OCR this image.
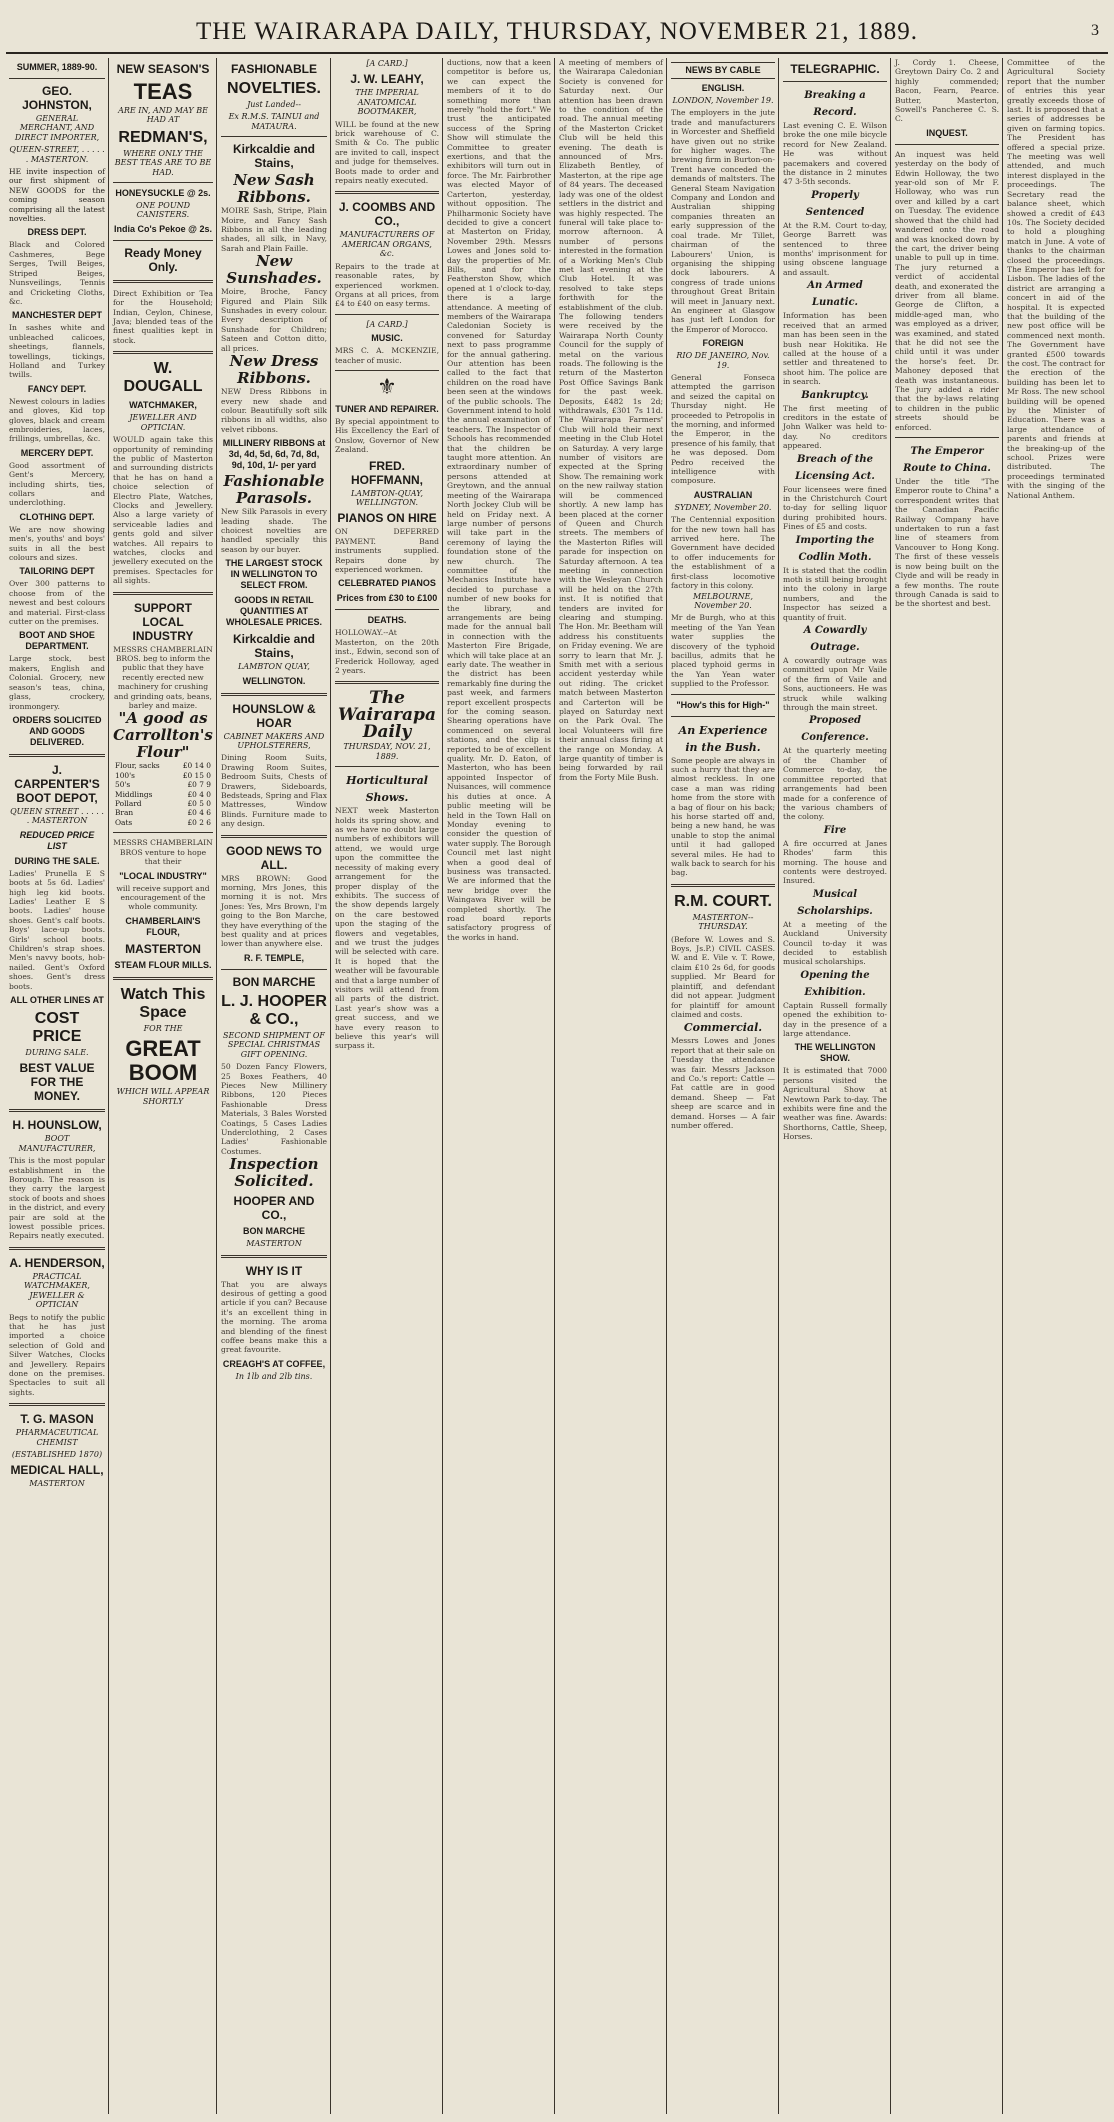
THE WAIRARAPA DAILY, THURSDAY, NOVEMBER 21, 1889.	3
SUMMER, 1889-90.
GEO. JOHNSTON,
GENERAL MERCHANT, AND DIRECT IMPORTER,
QUEEN-STREET, . . . . . . MASTERTON.
HE invite inspection of our first shipment of NEW GOODS for the coming season comprising all the latest novelties.
DRESS DEPT.
Black and Colored Cashmeres, Bege Serges, Twill Beiges, Striped Beiges, Nunsveilings, Tennis and Cricketing Cloths, &c.
MANCHESTER DEPT
In sashes white and unbleached calicoes, sheetings, flannels, towellings, tickings, Holland and Turkey twills.
FANCY DEPT.
Newest colours in ladies and gloves, Kid top gloves, black and cream embroideries, laces, frillings, umbrellas, &c.
MERCERY DEPT.
Good assortment of Gent's Mercery, including shirts, ties, collars and underclothing.
CLOTHING DEPT.
We are now showing men's, youths' and boys' suits in all the best colours and sizes.
TAILORING DEPT
Over 300 patterns to choose from of the newest and best colours and material. First-class cutter on the premises.
BOOT AND SHOE DEPARTMENT.
Large stock, best makers, English and Colonial. Grocery, new season's teas, china, glass, crockery, ironmongery.
ORDERS SOLICITED AND GOODS DELIVERED.
J. CARPENTER'S BOOT DEPOT,
QUEEN STREET . . . . . . MASTERTON
REDUCED PRICE LIST
DURING THE SALE.
Ladies' Prunella E S boots at 5s 6d. Ladies' high leg kid boots. Ladies' Leather E S boots. Ladies' house shoes. Gent's calf boots. Boys' lace-up boots. Girls' school boots. Children's strap shoes. Men's navvy boots, hob-nailed. Gent's Oxford shoes. Gent's dress boots.
ALL OTHER LINES AT
COST PRICE
DURING SALE.
BEST VALUE FOR THE MONEY.
H. HOUNSLOW,
BOOT MANUFACTURER,
This is the most popular establishment in the Borough. The reason is they carry the largest stock of boots and shoes in the district, and every pair are sold at the lowest possible prices. Repairs neatly executed.
A. HENDERSON,
PRACTICAL WATCHMAKER, JEWELLER & OPTICIAN
Begs to notify the public that he has just imported a choice selection of Gold and Silver Watches, Clocks and Jewellery. Repairs done on the premises. Spectacles to suit all sights.
T. G. MASON
PHARMACEUTICAL CHEMIST
(ESTABLISHED 1870)
MEDICAL HALL,
MASTERTON
NEW SEASON'S
TEAS
ARE IN, AND MAY BE HAD AT
REDMAN'S,
WHERE ONLY THE BEST TEAS ARE TO BE HAD.
HONEYSUCKLE @ 2s.
ONE POUND CANISTERS.
India Co's Pekoe @ 2s.
Ready Money Only.
Direct Exhibition or Tea for the Household; Indian, Ceylon, Chinese, Java; blended teas of the finest qualities kept in stock.
W. DOUGALL
WATCHMAKER,
JEWELLER AND OPTICIAN.
WOULD again take this opportunity of reminding the public of Masterton and surrounding districts that he has on hand a choice selection of Electro Plate, Watches, Clocks and Jewellery. Also a large variety of serviceable ladies and gents gold and silver watches. All repairs to watches, clocks and jewellery executed on the premises. Spectacles for all sights.
SUPPORT LOCAL INDUSTRY
MESSRS CHAMBERLAIN BROS. beg to inform the public that they have recently erected new machinery for crushing and grinding oats, beans, barley and maize.
"A good as Carrollton's Flour"
Flour, sacks	£0 14 0
100's	£0 15 0
50's	£0 7 9
Middlings	£0 4 0
Pollard	£0 5 0
Bran	£0 4 6
Oats	£0 2 6
MESSRS CHAMBERLAIN BROS venture to hope that their
"LOCAL INDUSTRY"
will receive support and encouragement of the whole community.
CHAMBERLAIN'S FLOUR,
MASTERTON
STEAM FLOUR MILLS.
Watch This Space
FOR THE
GREAT BOOM
WHICH WILL APPEAR SHORTLY
FASHIONABLE
NOVELTIES.
Just Landed--
Ex R.M.S. TAINUI and MATAURA.
Kirkcaldie and Stains,
New Sash Ribbons.
MOIRE Sash, Stripe, Plain Moire, and Fancy Sash Ribbons in all the leading shades, all silk, in Navy, Sarah and Plain Faille.
New Sunshades.
Moire, Broche, Fancy Figured and Plain Silk Sunshades in every colour. Every description of Sunshade for Children; Sateen and Cotton ditto, all prices.
New Dress Ribbons.
NEW Dress Ribbons in every new shade and colour. Beautifully soft silk ribbons in all widths, also velvet ribbons.
MILLINERY RIBBONS at 3d, 4d, 5d, 6d, 7d, 8d, 9d, 10d, 1/- per yard
Fashionable Parasols.
New Silk Parasols in every leading shade. The choicest novelties are handled specially this season by our buyer.
THE LARGEST STOCK IN WELLINGTON TO SELECT FROM.
GOODS IN RETAIL QUANTITIES AT WHOLESALE PRICES.
Kirkcaldie and Stains,
LAMBTON QUAY,
WELLINGTON.
HOUNSLOW & HOAR
CABINET MAKERS AND UPHOLSTERERS,
Dining Room Suits, Drawing Room Suites, Bedroom Suits, Chests of Drawers, Sideboards, Bedsteads, Spring and Flax Mattresses, Window Blinds. Furniture made to any design.
GOOD NEWS TO ALL.
MRS BROWN: Good morning, Mrs Jones, this morning it is not. Mrs Jones: Yes, Mrs Brown, I'm going to the Bon Marche, they have everything of the best quality and at prices lower than anywhere else.
R. F. TEMPLE,
BON MARCHE
L. J. HOOPER & CO.,
SECOND SHIPMENT OF SPECIAL CHRISTMAS GIFT OPENING.
50 Dozen Fancy Flowers, 25 Boxes Feathers, 40 Pieces New Millinery Ribbons, 120 Pieces Fashionable Dress Materials, 3 Bales Worsted Coatings, 5 Cases Ladies Underclothing, 2 Cases Ladies' Fashionable Costumes.
Inspection Solicited.
HOOPER AND CO.,
BON MARCHE
MASTERTON
WHY IS IT
That you are always desirous of getting a good article if you can? Because it's an excellent thing in the morning. The aroma and blending of the finest coffee beans make this a great favourite.
CREAGH'S AT COFFEE,
In 1lb and 2lb tins.
[A CARD.]
J. W. LEAHY,
THE IMPERIAL ANATOMICAL BOOTMAKER,
WILL be found at the new brick warehouse of C. Smith & Co. The public are invited to call, inspect and judge for themselves. Boots made to order and repairs neatly executed.
J. COOMBS AND CO.,
MANUFACTURERS OF AMERICAN ORGANS, &c.
Repairs to the trade at reasonable rates, by experienced workmen. Organs at all prices, from £4 to £40 on easy terms.
[A CARD.]
MUSIC.
MRS C. A. MCKENZIE, teacher of music.
⚜
TUNER AND REPAIRER.
By special appointment to His Excellency the Earl of Onslow, Governor of New Zealand.
FRED. HOFFMANN,
LAMBTON-QUAY, WELLINGTON.
PIANOS ON HIRE
ON DEFERRED PAYMENT. Band instruments supplied. Repairs done by experienced workmen.
CELEBRATED PIANOS
Prices from £30 to £100
DEATHS.
HOLLOWAY.--At Masterton, on the 20th inst., Edwin, second son of Frederick Holloway, aged 2 years.
The Wairarapa Daily
THURSDAY, NOV. 21, 1889.
Horticultural Shows.
NEXT week Masterton holds its spring show, and as we have no doubt large numbers of exhibitors will attend, we would urge upon the committee the necessity of making every arrangement for the proper display of the exhibits. The success of the show depends largely on the care bestowed upon the staging of the flowers and vegetables, and we trust the judges will be selected with care. It is hoped that the weather will be favourable and that a large number of visitors will attend from all parts of the district. Last year's show was a great success, and we have every reason to believe this year's will surpass it.
ductions, now that a keen competitor is before us, we can expect the members of it to do something more than merely "hold the fort." We trust the anticipated success of the Spring Show will stimulate the Committee to greater exertions, and that the exhibitors will turn out in force. The Mr. Fairbrother was elected Mayor of Carterton, yesterday, without opposition. The Philharmonic Society have decided to give a concert at Masterton on Friday, November 29th. Messrs Lowes and Jones sold to-day the properties of Mr. Bills, and for the Featherston Show, which opened at 1 o'clock to-day, there is a large attendance. A meeting of members of the Wairarapa Caledonian Society is convened for Saturday next to pass programme for the annual gathering. Our attention has been called to the fact that children on the road have been seen at the windows of the public schools. The Government intend to hold the annual examination of teachers. The Inspector of Schools has recommended that the children be taught more attention. An extraordinary number of persons attended at Greytown, and the annual meeting of the Wairarapa North Jockey Club will be held on Friday next. A large number of persons will take part in the ceremony of laying the foundation stone of the new church. The committee of the Mechanics Institute have decided to purchase a number of new books for the library, and arrangements are being made for the annual ball in connection with the Masterton Fire Brigade, which will take place at an early date. The weather in the district has been remarkably fine during the past week, and farmers report excellent prospects for the coming season. Shearing operations have commenced on several stations, and the clip is reported to be of excellent quality. Mr. D. Eaton, of Masterton, who has been appointed Inspector of Nuisances, will commence his duties at once. A public meeting will be held in the Town Hall on Monday evening to consider the question of water supply. The Borough Council met last night when a good deal of business was transacted. We are informed that the new bridge over the Waingawa River will be completed shortly. The road board reports satisfactory progress of the works in hand.
A meeting of members of the Wairarapa Caledonian Society is convened for Saturday next. Our attention has been drawn to the condition of the road. The annual meeting of the Masterton Cricket Club will be held this evening. The death is announced of Mrs. Elizabeth Bentley, of Masterton, at the ripe age of 84 years. The deceased lady was one of the oldest settlers in the district and was highly respected. The funeral will take place to-morrow afternoon. A number of persons interested in the formation of a Working Men's Club met last evening at the Club Hotel. It was resolved to take steps forthwith for the establishment of the club. The following tenders were received by the Wairarapa North County Council for the supply of metal on the various roads. The following is the return of the Masterton Post Office Savings Bank for the past week. Deposits, £482 1s 2d; withdrawals, £301 7s 11d. The Wairarapa Farmers' Club will hold their next meeting in the Club Hotel on Saturday. A very large number of visitors are expected at the Spring Show. The remaining work on the new railway station will be commenced shortly. A new lamp has been placed at the corner of Queen and Church streets. The members of the Masterton Rifles will parade for inspection on Saturday afternoon. A tea meeting in connection with the Wesleyan Church will be held on the 27th inst. It is notified that tenders are invited for clearing and stumping. The Hon. Mr. Beetham will address his constituents on Friday evening. We are sorry to learn that Mr. J. Smith met with a serious accident yesterday while out riding. The cricket match between Masterton and Carterton will be played on Saturday next on the Park Oval. The local Volunteers will fire their annual class firing at the range on Monday. A large quantity of timber is being forwarded by rail from the Forty Mile Bush.
NEWS BY CABLE
ENGLISH.
LONDON, November 19.
The employers in the jute trade and manufacturers in Worcester and Sheffield have given out no strike for higher wages. The brewing firm in Burton-on-Trent have conceded the demands of maltsters. The General Steam Navigation Company and London and Australian shipping companies threaten an early suppression of the coal trade. Mr Tillet, chairman of the Labourers' Union, is organising the shipping dock labourers. A congress of trade unions throughout Great Britain will meet in January next. An engineer at Glasgow has just left London for the Emperor of Morocco.
FOREIGN
RIO DE JANEIRO, Nov. 19.
General Fonseca attempted the garrison and seized the capital on Thursday night. He proceeded to Petropolis in the morning, and informed the Emperor, in the presence of his family, that he was deposed. Dom Pedro received the intelligence with composure.
AUSTRALIAN
SYDNEY, November 20.
The Centennial exposition for the new town hall has arrived here. The Government have decided to offer inducements for the establishment of a first-class locomotive factory in this colony.
MELBOURNE, November 20.
Mr de Burgh, who at this meeting of the Yan Yean water supplies the discovery of the typhoid bacillus, admits that he placed typhoid germs in the Yan Yean water supplied to the Professor.
"How's this for High-"
An Experience in the Bush.
Some people are always in such a hurry that they are almost reckless. In one case a man was riding home from the store with a bag of flour on his back; his horse started off and, being a new hand, he was unable to stop the animal until it had galloped several miles. He had to walk back to search for his bag.
R.M. COURT.
MASTERTON--THURSDAY.
(Before W. Lowes and S. Boys, Js.P.) CIVIL CASES. W. and E. Vile v. T. Rowe, claim £10 2s 6d, for goods supplied. Mr Beard for plaintiff, and defendant did not appear. Judgment for plaintiff for amount claimed and costs.
Commercial.
Messrs Lowes and Jones report that at their sale on Tuesday the attendance was fair. Messrs Jackson and Co.'s report: Cattle — Fat cattle are in good demand. Sheep — Fat sheep are scarce and in demand. Horses — A fair number offered.
TELEGRAPHIC.
Breaking a Record.
Last evening C. E. Wilson broke the one mile bicycle record for New Zealand. He was without pacemakers and covered the distance in 2 minutes 47 3-5th seconds.
Properly Sentenced
At the R.M. Court to-day, George Barrett was sentenced to three months' imprisonment for using obscene language and assault.
An Armed Lunatic.
Information has been received that an armed man has been seen in the bush near Hokitika. He called at the house of a settler and threatened to shoot him. The police are in search.
Bankruptcy.
The first meeting of creditors in the estate of John Walker was held to-day. No creditors appeared.
Breach of the Licensing Act.
Four licensees were fined in the Christchurch Court to-day for selling liquor during prohibited hours. Fines of £5 and costs.
Importing the Codlin Moth.
It is stated that the codlin moth is still being brought into the colony in large numbers, and the Inspector has seized a quantity of fruit.
A Cowardly Outrage.
A cowardly outrage was committed upon Mr Vaile of the firm of Vaile and Sons, auctioneers. He was struck while walking through the main street.
Proposed Conference.
At the quarterly meeting of the Chamber of Commerce to-day, the committee reported that arrangements had been made for a conference of the various chambers of the colony.
Fire
A fire occurred at Janes Rhodes' farm this morning. The house and contents were destroyed. Insured.
Musical Scholarships.
At a meeting of the Auckland University Council to-day it was decided to establish musical scholarships.
Opening the Exhibition.
Captain Russell formally opened the exhibition to-day in the presence of a large attendance.
THE WELLINGTON SHOW.
It is estimated that 7000 persons visited the Agricultural Show at Newtown Park to-day. The exhibits were fine and the weather was fine. Awards: Shorthorns, Cattle, Sheep, Horses.
J. Cordy 1. Cheese, Greytown Dairy Co. 2 and highly commended; Bacon, Fearn, Pearce. Butter, Masterton, Sowell's Pancheree C. S. C.
INQUEST.
An inquest was held yesterday on the body of Edwin Holloway, the two year-old son of Mr F. Holloway, who was run over and killed by a cart on Tuesday. The evidence showed that the child had wandered onto the road and was knocked down by the cart, the driver being unable to pull up in time. The jury returned a verdict of accidental death, and exonerated the driver from all blame. George de Clifton, a middle-aged man, who was employed as a driver, was examined, and stated that he did not see the child until it was under the horse's feet. Dr. Mahoney deposed that death was instantaneous. The jury added a rider that the by-laws relating to children in the public streets should be enforced.
The Emperor Route to China.
Under the title "The Emperor route to China" a correspondent writes that the Canadian Pacific Railway Company have undertaken to run a fast line of steamers from Vancouver to Hong Kong. The first of these vessels is now being built on the Clyde and will be ready in a few months. The route through Canada is said to be the shortest and best.
Committee of the Agricultural Society report that the number of entries this year greatly exceeds those of last. It is proposed that a series of addresses be given on farming topics. The President has offered a special prize. The meeting was well attended, and much interest displayed in the proceedings. The Secretary read the balance sheet, which showed a credit of £43 10s. The Society decided to hold a ploughing match in June. A vote of thanks to the chairman closed the proceedings. The Emperor has left for Lisbon. The ladies of the district are arranging a concert in aid of the hospital. It is expected that the building of the new post office will be commenced next month. The Government have granted £500 towards the cost. The contract for the erection of the building has been let to Mr Ross. The new school building will be opened by the Minister of Education. There was a large attendance of parents and friends at the breaking-up of the school. Prizes were distributed. The proceedings terminated with the singing of the National Anthem.
